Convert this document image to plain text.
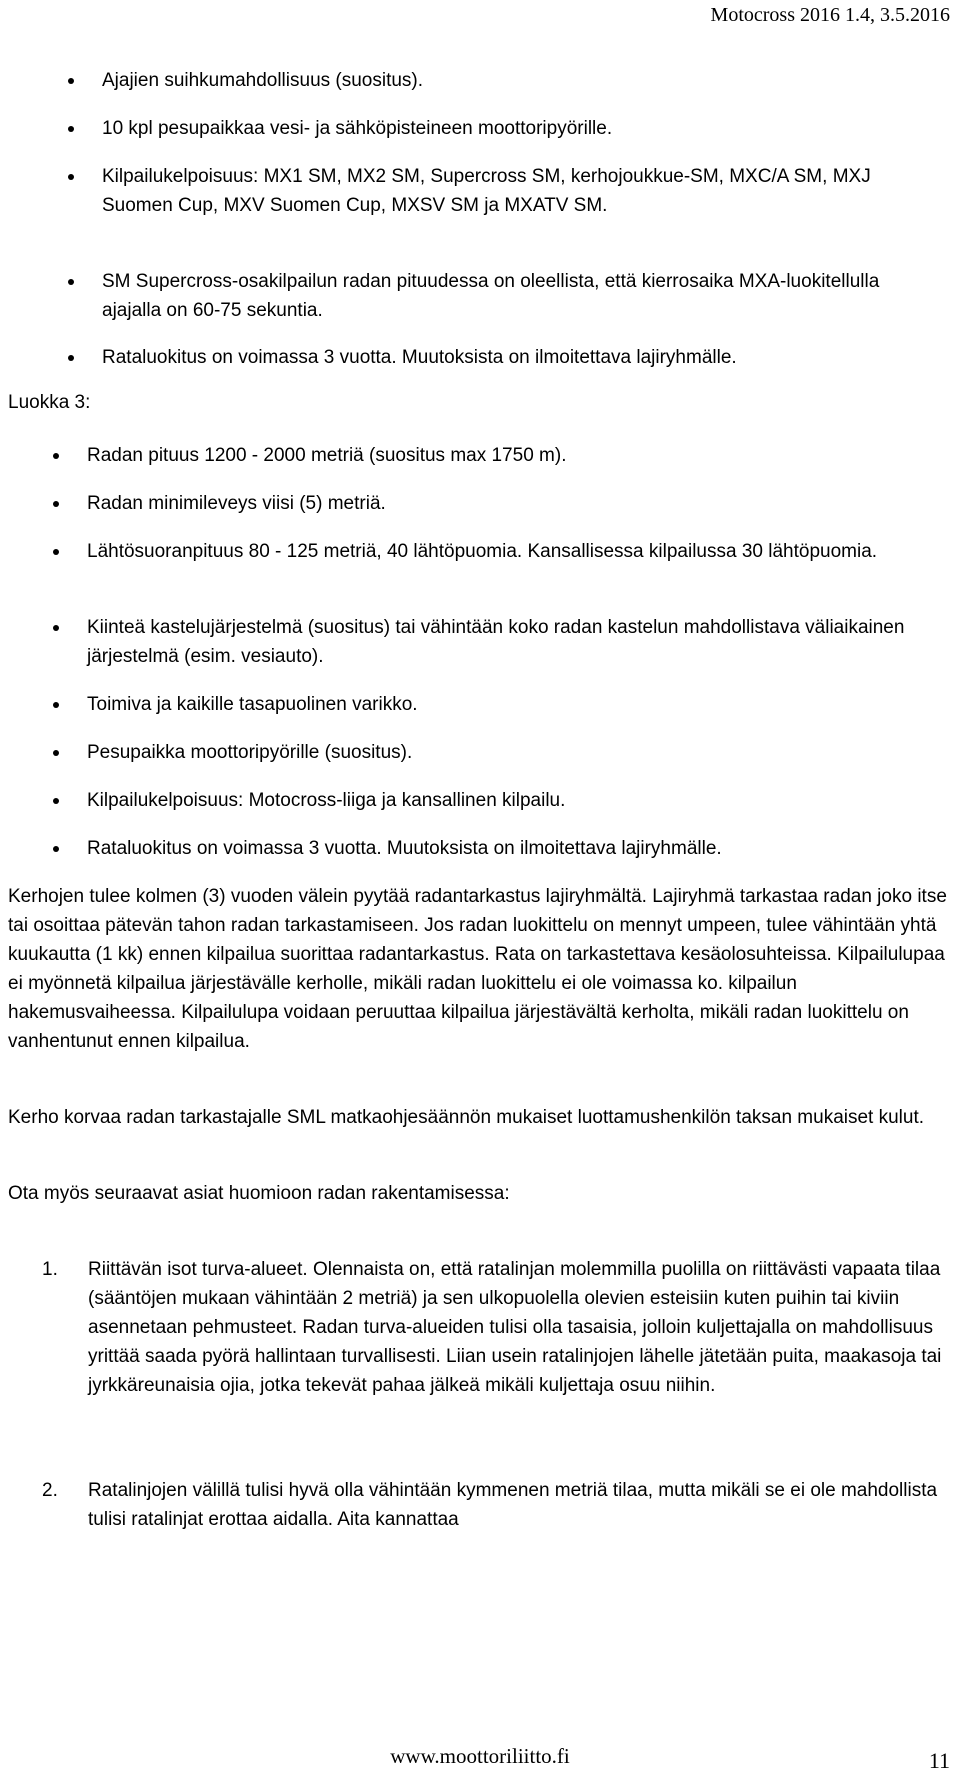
Motocross 2016 1.4, 3.5.2016
Ajajien suihkumahdollisuus (suositus).
10 kpl pesupaikkaa vesi- ja sähköpisteineen moottoripyörille.
Kilpailukelpoisuus: MX1 SM, MX2 SM, Supercross SM, kerhojoukkue-SM, MXC/A SM, MXJ Suomen Cup, MXV Suomen Cup, MXSV SM ja MXATV SM.
SM Supercross-osakilpailun radan pituudessa on oleellista, että kierrosaika MXA-luokitellulla ajajalla on 60-75 sekuntia.
Rataluokitus on voimassa 3 vuotta. Muutoksista on ilmoitettava lajiryhmälle.
Luokka 3:
Radan pituus 1200 - 2000 metriä (suositus max 1750 m).
Radan minimileveys viisi (5) metriä.
Lähtösuoranpituus 80 - 125 metriä, 40 lähtöpuomia. Kansallisessa kilpailussa 30 lähtöpuomia.
Kiinteä kastelujärjestelmä (suositus) tai vähintään koko radan kastelun mahdollistava väliaikainen järjestelmä (esim. vesiauto).
Toimiva ja kaikille tasapuolinen varikko.
Pesupaikka moottoripyörille (suositus).
Kilpailukelpoisuus: Motocross-liiga ja kansallinen kilpailu.
Rataluokitus on voimassa 3 vuotta. Muutoksista on ilmoitettava lajiryhmälle.

Kerhojen tulee kolmen (3) vuoden välein pyytää radantarkastus lajiryhmältä. Lajiryhmä tarkastaa radan joko itse tai osoittaa pätevän tahon radan tarkastamiseen. Jos radan luokittelu on mennyt umpeen, tulee vähintään yhtä kuukautta (1 kk) ennen kilpailua suorittaa radantarkastus. Rata on tarkastettava kesäolosuhteissa. Kilpailulupaa ei myönnetä kilpailua järjestävälle kerholle, mikäli radan luokittelu ei ole voimassa ko. kilpailun hakemusvaiheessa. Kilpailulupa voidaan peruuttaa kilpailua järjestävältä kerholta, mikäli radan luokittelu on vanhentunut ennen kilpailua.

Kerho korvaa radan tarkastajalle SML matkaohjesäännön mukaiset luottamushenkilön taksan mukaiset kulut.

Ota myös seuraavat asiat huomioon radan rakentamisessa:

1. Riittävän isot turva-alueet. Olennaista on, että ratalinjan molemmilla puolilla on riittävästi vapaata tilaa (sääntöjen mukaan vähintään 2 metriä) ja sen ulkopuolella olevien esteisiin kuten puihin tai kiviin asennetaan pehmusteet. Radan turva-alueiden tulisi olla tasaisia, jolloin kuljettajalla on mahdollisuus yrittää saada pyörä hallintaan turvallisesti. Liian usein ratalinjojen lähelle jätetään puita, maakasoja tai jyrkkäreunaisia ojia, jotka tekevät pahaa jälkeä mikäli kuljettaja osuu niihin.
2. Ratalinjojen välillä tulisi hyvä olla vähintään kymmenen metriä tilaa, mutta mikäli se ei ole mahdollista tulisi ratalinjat erottaa aidalla. Aita kannattaa
www.moottoriliitto.fi	11
